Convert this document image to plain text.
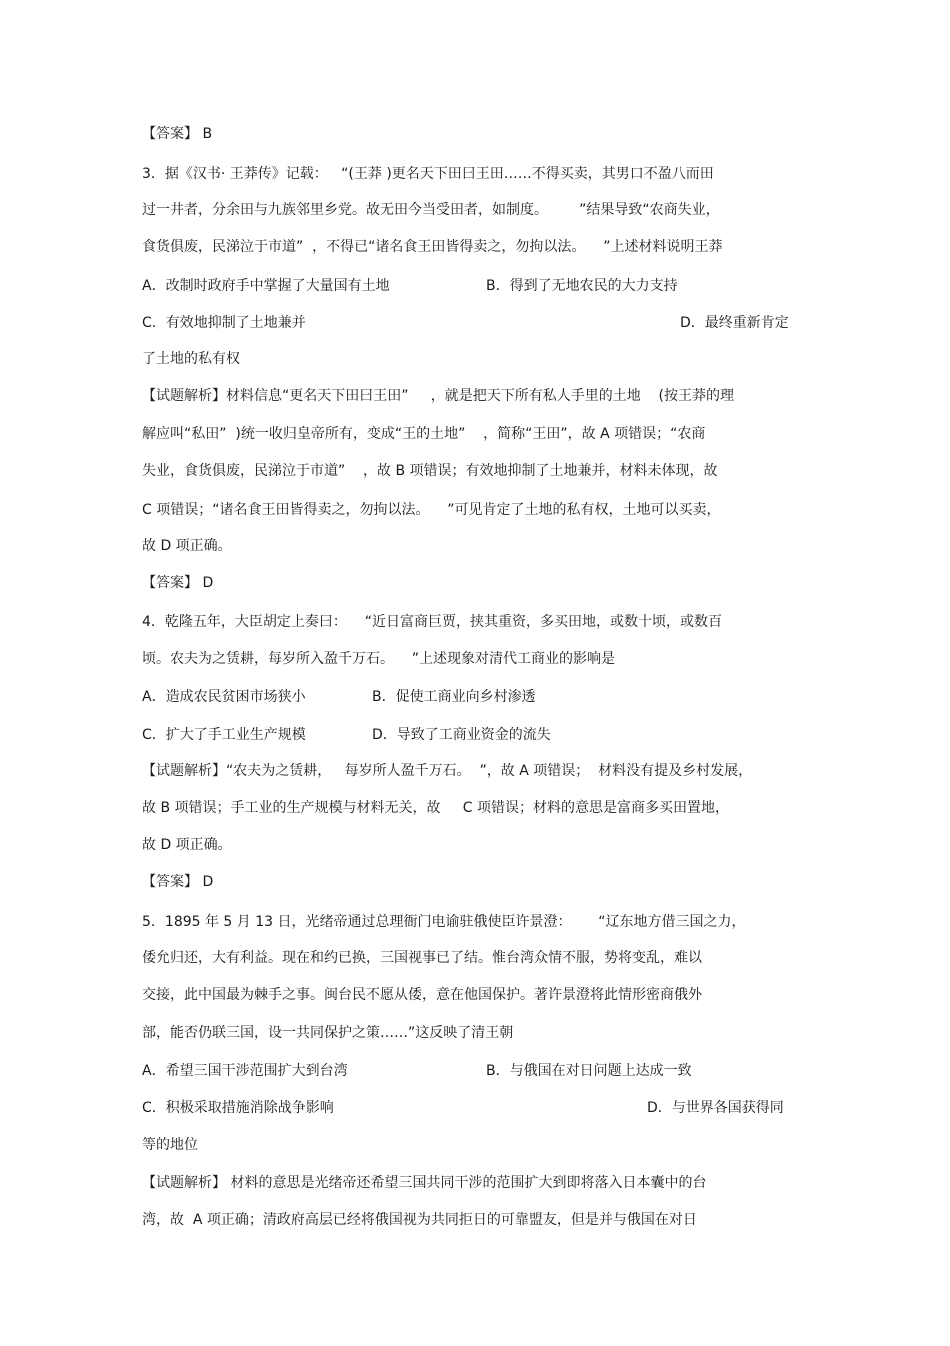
【答案】 B
3．据《汉书· 王莽传》记载：   “(王莽 )更名天下田曰王田……不得买卖，其男口不盈八而田
过一井者，分余田与九族邻里乡党。故无田今当受田者，如制度。       ”结果导致“农商失业，
食货俱废，民涕泣于市道”  ，不得已“诸名食王田皆得卖之，勿拘以法。    ”上述材料说明王莽
A．改制时政府手中掌握了大量国有土地	B．得到了无地农民的大力支持
C．有效地抑制了土地兼并	D．最终重新肯定
了土地的私有权
【试题解析】材料信息“更名天下田曰王田”     ，就是把天下所有私人手里的土地    (按王莽的理
解应叫“私田”  )统一收归皇帝所有，变成“王的土地”    ，简称“王田”，故 A 项错误；“农商
失业，食货俱废，民涕泣于市道”    ，故 B 项错误；有效地抑制了土地兼并，材料未体现，故
C 项错误；“诸名食王田皆得卖之，勿拘以法。    ”可见肯定了土地的私有权，土地可以买卖，
故 D 项正确。
【答案】 D
4．乾隆五年，大臣胡定上奏曰：    “近日富商巨贾，挟其重资，多买田地，或数十顷，或数百
顷。农夫为之赁耕，每岁所入盈千万石。    ”上述现象对清代工商业的影响是
A．造成农民贫困市场狭小	B．促使工商业向乡村渗透
C．扩大了手工业生产规模	D．导致了工商业资金的流失
【试题解析】“农夫为之赁耕，   每岁所人盈千万石。  ”，故 A 项错误；  材料没有提及乡村发展，
故 B 项错误；手工业的生产规模与材料无关，故     C 项错误；材料的意思是富商多买田置地，
故 D 项正确。
【答案】 D
5．1895 年 5 月 13 日，光绪帝通过总理衙门电谕驻俄使臣许景澄：      “辽东地方借三国之力，
倭允归还，大有利益。现在和约已换，三国视事已了结。惟台湾众情不服，势将变乱，难以
交接，此中国最为棘手之事。闽台民不愿从倭，意在他国保护。著许景澄将此情形密商俄外
部，能否仍联三国，设一共同保护之策……”这反映了清王朝
A．希望三国干涉范围扩大到台湾	B．与俄国在对日问题上达成一致
C．积极采取措施消除战争影响	D．与世界各国获得同
等的地位
【试题解析】 材料的意思是光绪帝还希望三国共同干涉的范围扩大到即将落入日本囊中的台
湾，故  A 项正确；清政府高层已经将俄国视为共同拒日的可靠盟友，但是并与俄国在对日
